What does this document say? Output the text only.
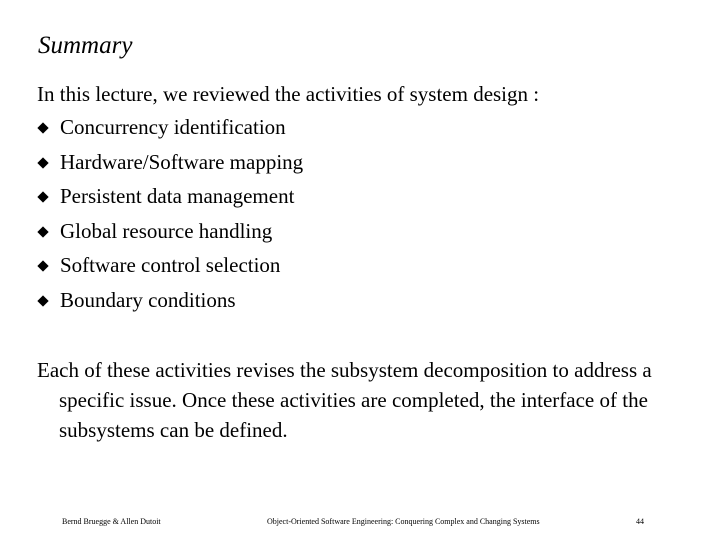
Summary
In this lecture, we reviewed the activities of system design :
Concurrency identification
Hardware/Software mapping
Persistent data management
Global resource handling
Software control selection
Boundary conditions

Each of these activities revises the subsystem decomposition to address a specific issue. Once these activities are completed, the interface of the subsystems can be defined.

Bernd Bruegge & Allen Dutoit	Object-Oriented Software Engineering: Conquering Complex and Changing Systems	44
